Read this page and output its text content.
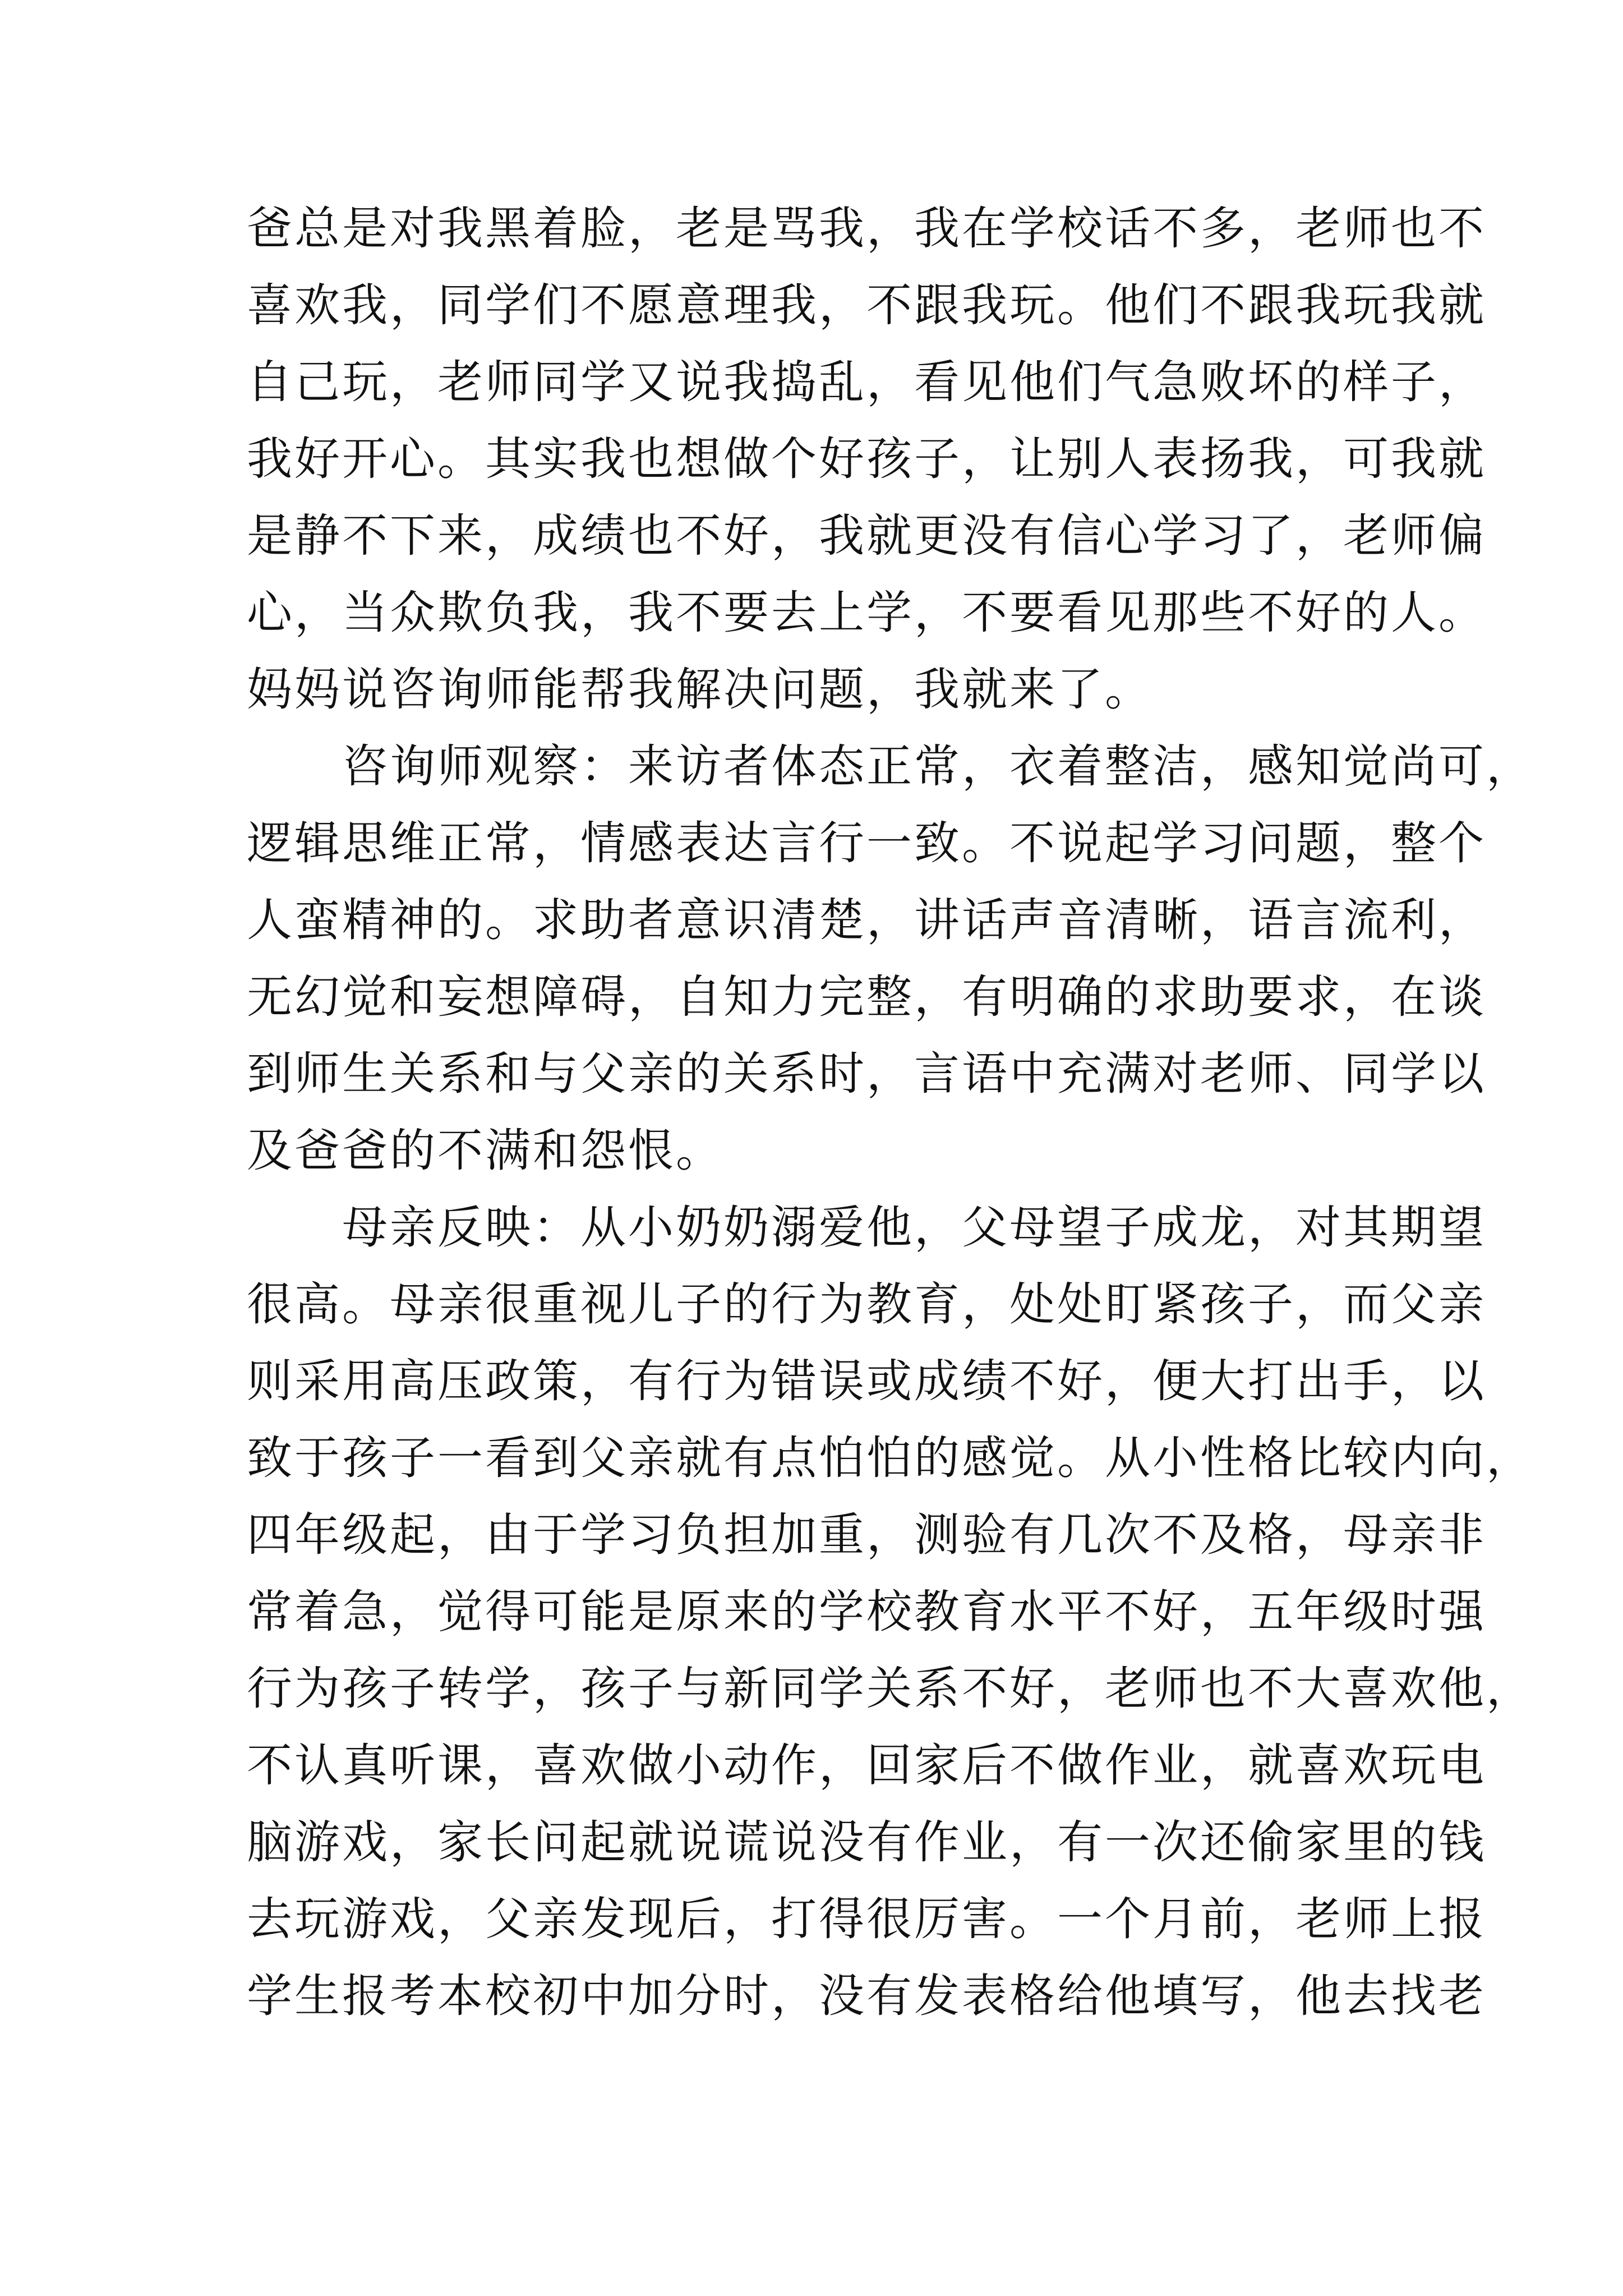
爸总是对我黑着脸，老是骂我，我在学校话不多，老师也不
喜欢我，同学们不愿意理我，不跟我玩。他们不跟我玩我就
自己玩，老师同学又说我捣乱，看见他们气急败坏的样子，
我好开心。其实我也想做个好孩子，让别人表扬我，可我就
是静不下来，成绩也不好，我就更没有信心学习了，老师偏
心，当众欺负我，我不要去上学，不要看见那些不好的人。
妈妈说咨询师能帮我解决问题，我就来了。
　　咨询师观察：来访者体态正常，衣着整洁，感知觉尚可，
逻辑思维正常，情感表达言行一致。不说起学习问题，整个
人蛮精神的。求助者意识清楚，讲话声音清晰，语言流利，
无幻觉和妄想障碍，自知力完整，有明确的求助要求，在谈
到师生关系和与父亲的关系时，言语中充满对老师、同学以
及爸爸的不满和怨恨。
　　母亲反映：从小奶奶溺爱他，父母望子成龙，对其期望
很高。母亲很重视儿子的行为教育，处处盯紧孩子，而父亲
则采用高压政策，有行为错误或成绩不好，便大打出手，以
致于孩子一看到父亲就有点怕怕的感觉。从小性格比较内向，
四年级起，由于学习负担加重，测验有几次不及格，母亲非
常着急，觉得可能是原来的学校教育水平不好，五年级时强
行为孩子转学，孩子与新同学关系不好，老师也不大喜欢他，
不认真听课，喜欢做小动作，回家后不做作业，就喜欢玩电
脑游戏，家长问起就说谎说没有作业，有一次还偷家里的钱
去玩游戏，父亲发现后，打得很厉害。一个月前，老师上报
学生报考本校初中加分时，没有发表格给他填写，他去找老
